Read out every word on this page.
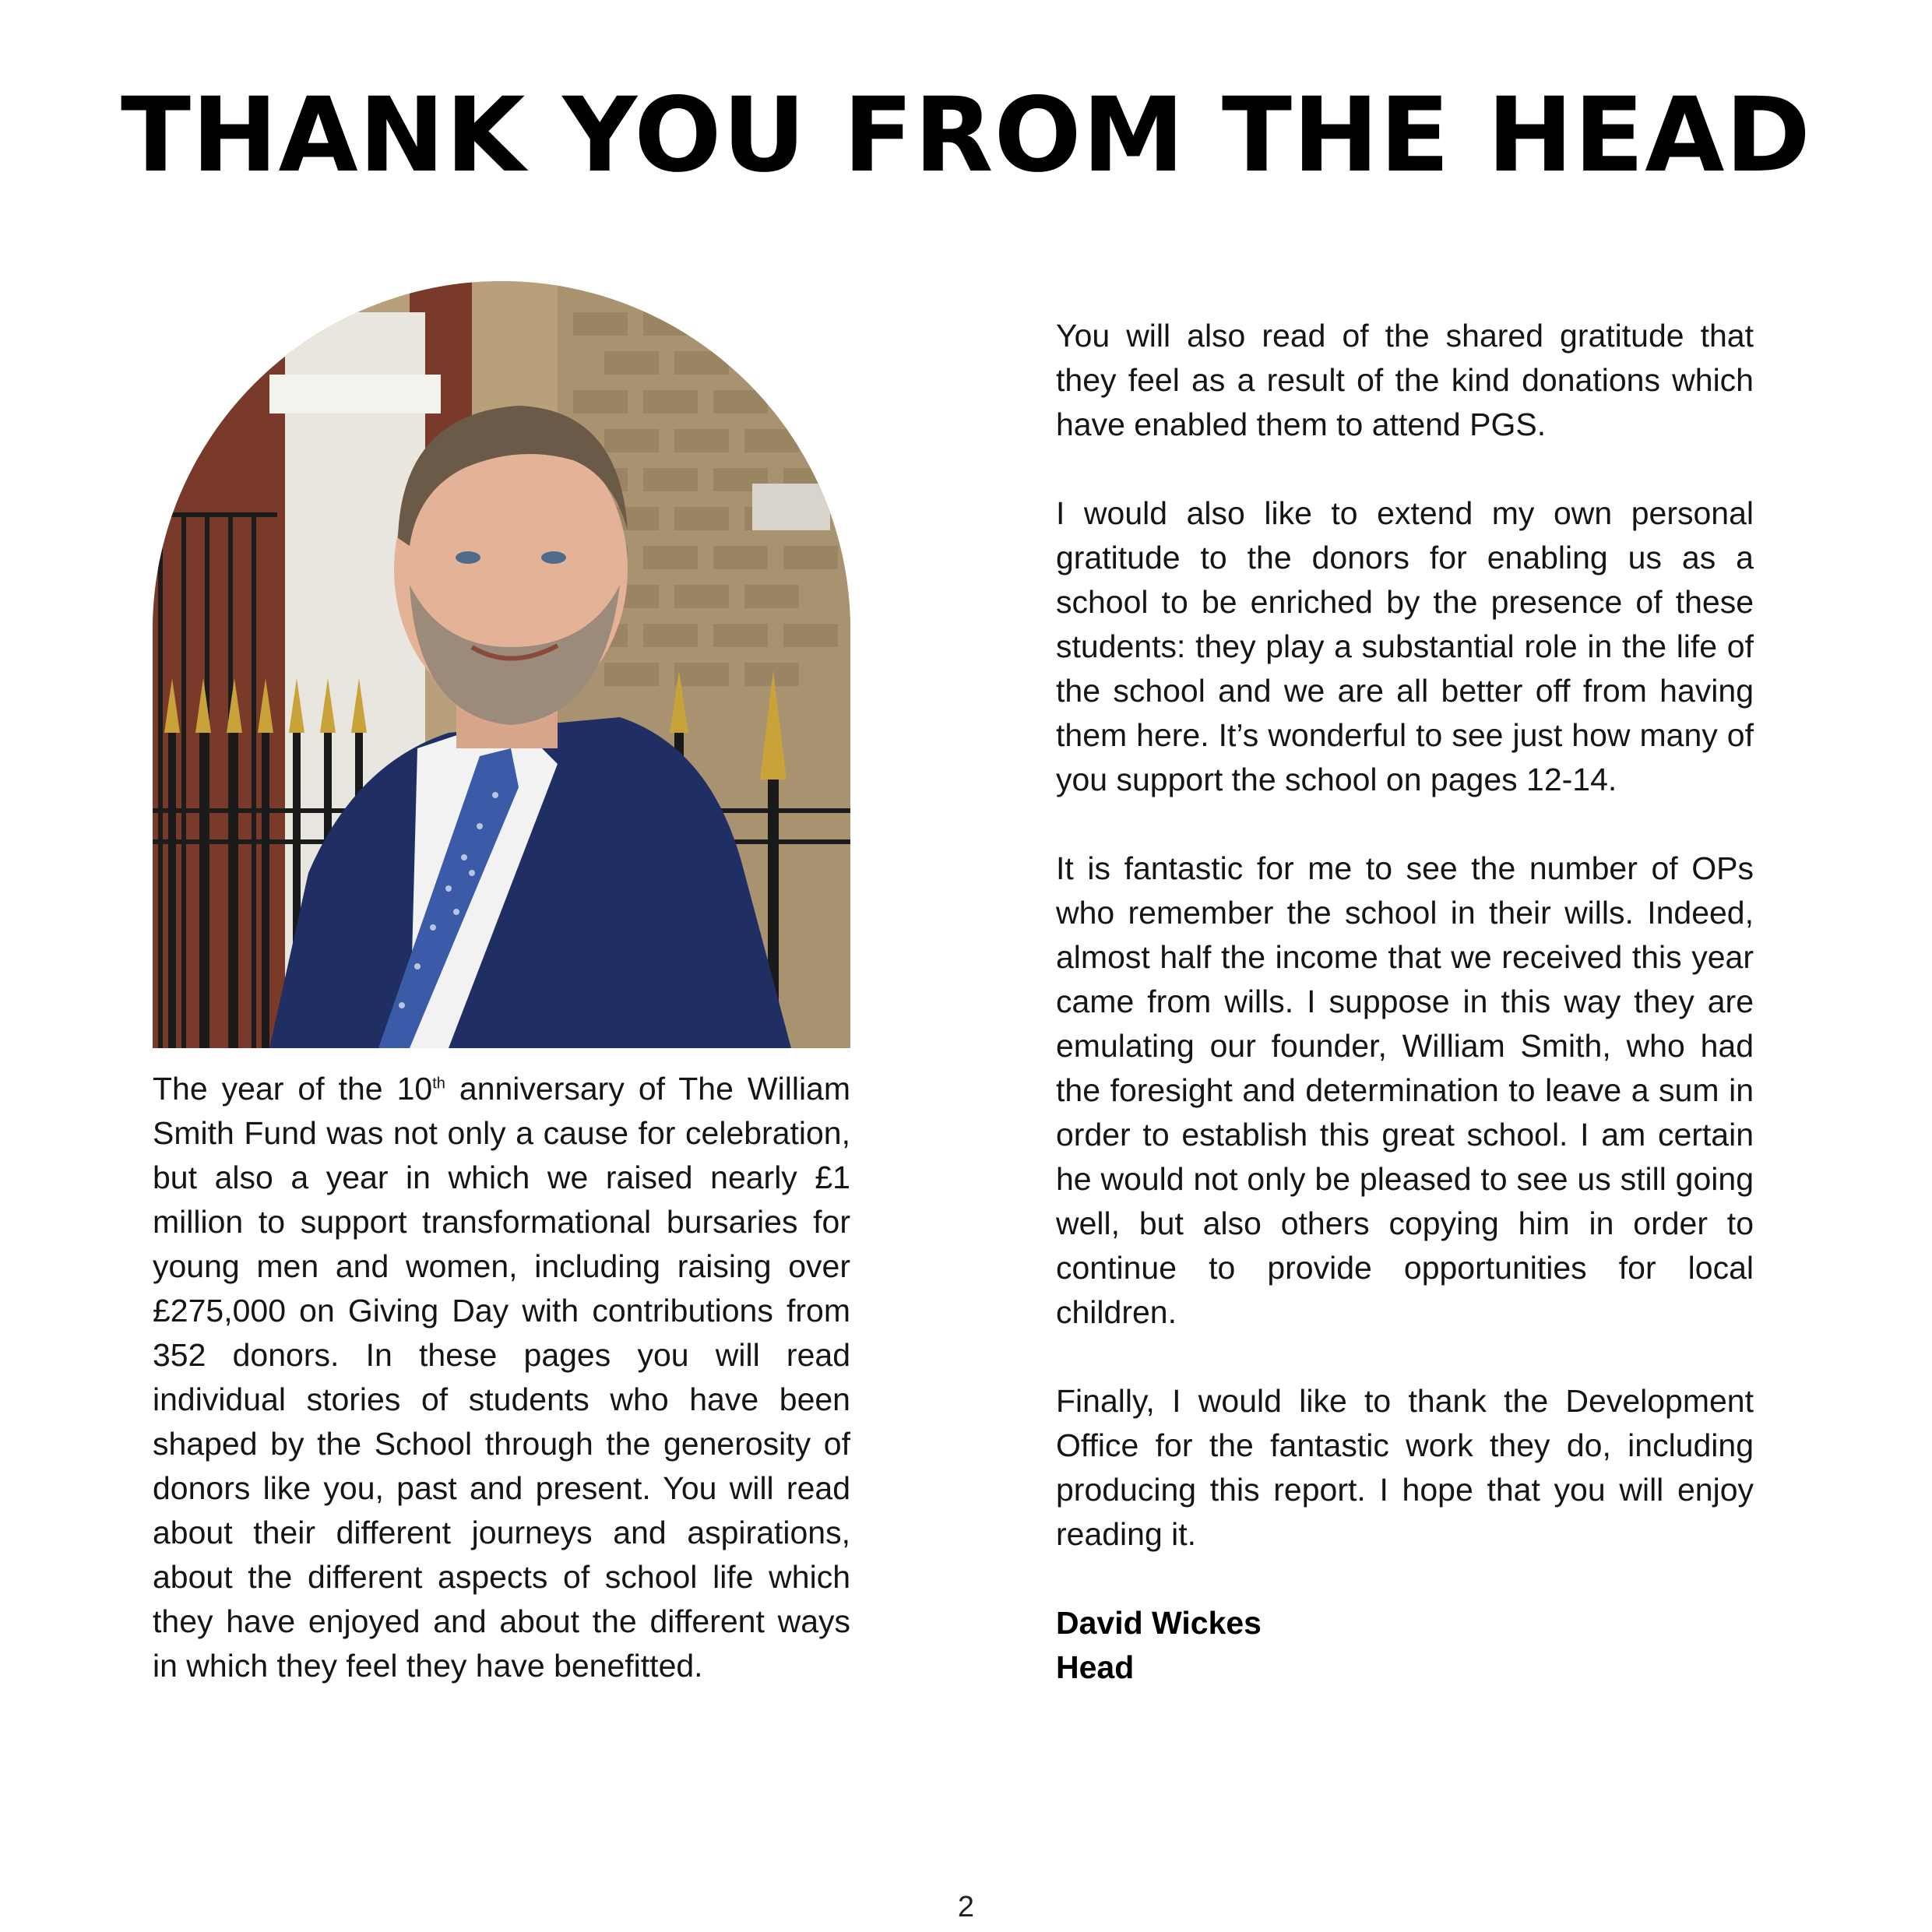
THANK YOU FROM THE HEAD

The year of the 10th anniversary of The William Smith Fund was not only a cause for celebration, but also a year in which we raised nearly £1 million to support transformational bursaries for young men and women, including raising over £275,000 on Giving Day with contributions from 352 donors. In these pages you will read individual stories of students who have been shaped by the School through the generosity of donors like you, past and present. You will read about their different journeys and aspirations, about the different aspects of school life which they have enjoyed and about the different ways in which they feel they have benefitted.

You will also read of the shared gratitude that they feel as a result of the kind donations which have enabled them to attend PGS.

I would also like to extend my own personal gratitude to the donors for enabling us as a school to be enriched by the presence of these students: they play a substantial role in the life of the school and we are all better off from having them here. It’s wonderful to see just how many of you support the school on pages 12-14.

It is fantastic for me to see the number of OPs who remember the school in their wills. Indeed, almost half the income that we received this year came from wills. I suppose in this way they are emulating our founder, William Smith, who had the foresight and determination to leave a sum in order to establish this great school. I am certain he would not only be pleased to see us still going well, but also others copying him in order to continue to provide opportunities for local children.

Finally, I would like to thank the Development Office for the fantastic work they do, including producing this report. I hope that you will enjoy reading it.

David Wickes
Head
2
